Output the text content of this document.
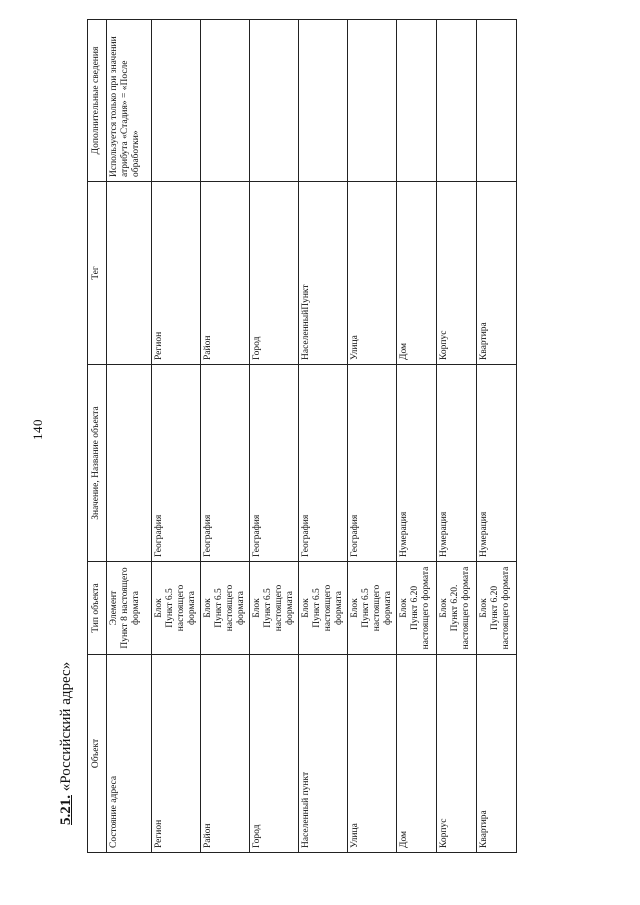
140
5.21. «Российский адрес» Объект	Тип объекта	Значение, Название объекта	Тег	Дополнительные сведения
Состояние адреса	Элемент Пункт 8 настоящего формата			Используется только при значении атрибута «Стадия» = «После обработки»
Регион	Блок Пункт 6.5 настоящего формата	География	Регион	
Район	Блок Пункт 6.5 настоящего формата	География	Район	
Город	Блок Пункт 6.5 настоящего формата	География	Город	
Населенный пункт	Блок Пункт 6.5 настоящего формата	География	НаселенныйПункт	
Улица	Блок Пункт 6.5 настоящего формата	География	Улица	
Дом	Блок Пункт 6.20 настоящего формата	Нумерация	Дом	
Корпус	Блок Пункт 6.20. настоящего формата	Нумерация	Корпус	
Квартира	Блок Пункт 6.20 настоящего формата	Нумерация	Квартира	
